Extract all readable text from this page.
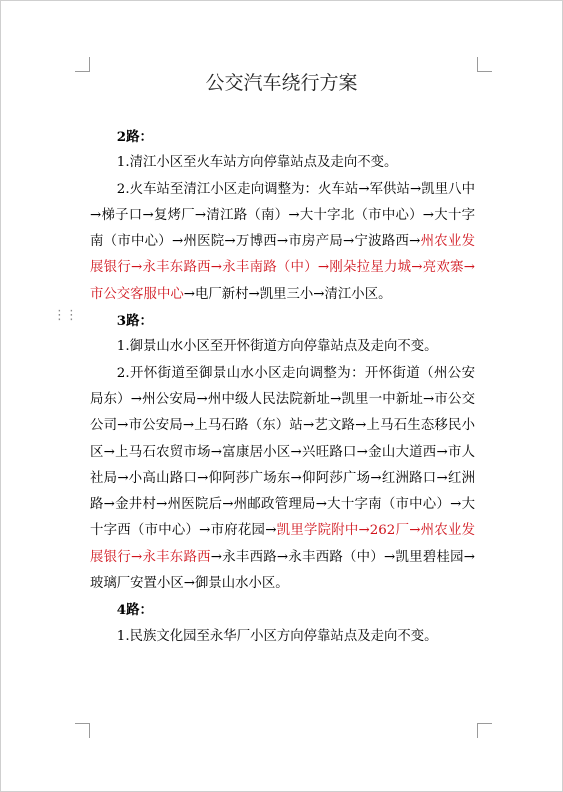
⋮⋮
公交汽车绕行方案

2路：

1.清江小区至火车站方向停靠站点及走向不变。

2.火车站至清江小区走向调整为：火车站→军供站→凯里八中→梯子口→复烤厂→清江路（南）→大十字北（市中心）→大十字南（市中心）→州医院→万博西→市房产局→宁波路西→州农业发展银行→永丰东路西→永丰南路（中）→刚朵拉星力城→亮欢寨→市公交客服中心→电厂新村→凯里三小→清江小区。

3路：

1.御景山水小区至开怀街道方向停靠站点及走向不变。

2.开怀街道至御景山水小区走向调整为：开怀街道（州公安局东）→州公安局→州中级人民法院新址→凯里一中新址→市公交公司→市公安局→上马石路（东）站→艺文路→上马石生态移民小区→上马石农贸市场→富康居小区→兴旺路口→金山大道西→市人社局→小高山路口→仰阿莎广场东→仰阿莎广场→红洲路口→红洲路→金井村→州医院后→州邮政管理局→大十字南（市中心）→大十字西（市中心）→市府花园→凯里学院附中→262厂→州农业发展银行→永丰东路西→永丰西路→永丰西路（中）→凯里碧桂园→玻璃厂安置小区→御景山水小区。

4路：

1.民族文化园至永华厂小区方向停靠站点及走向不变。
